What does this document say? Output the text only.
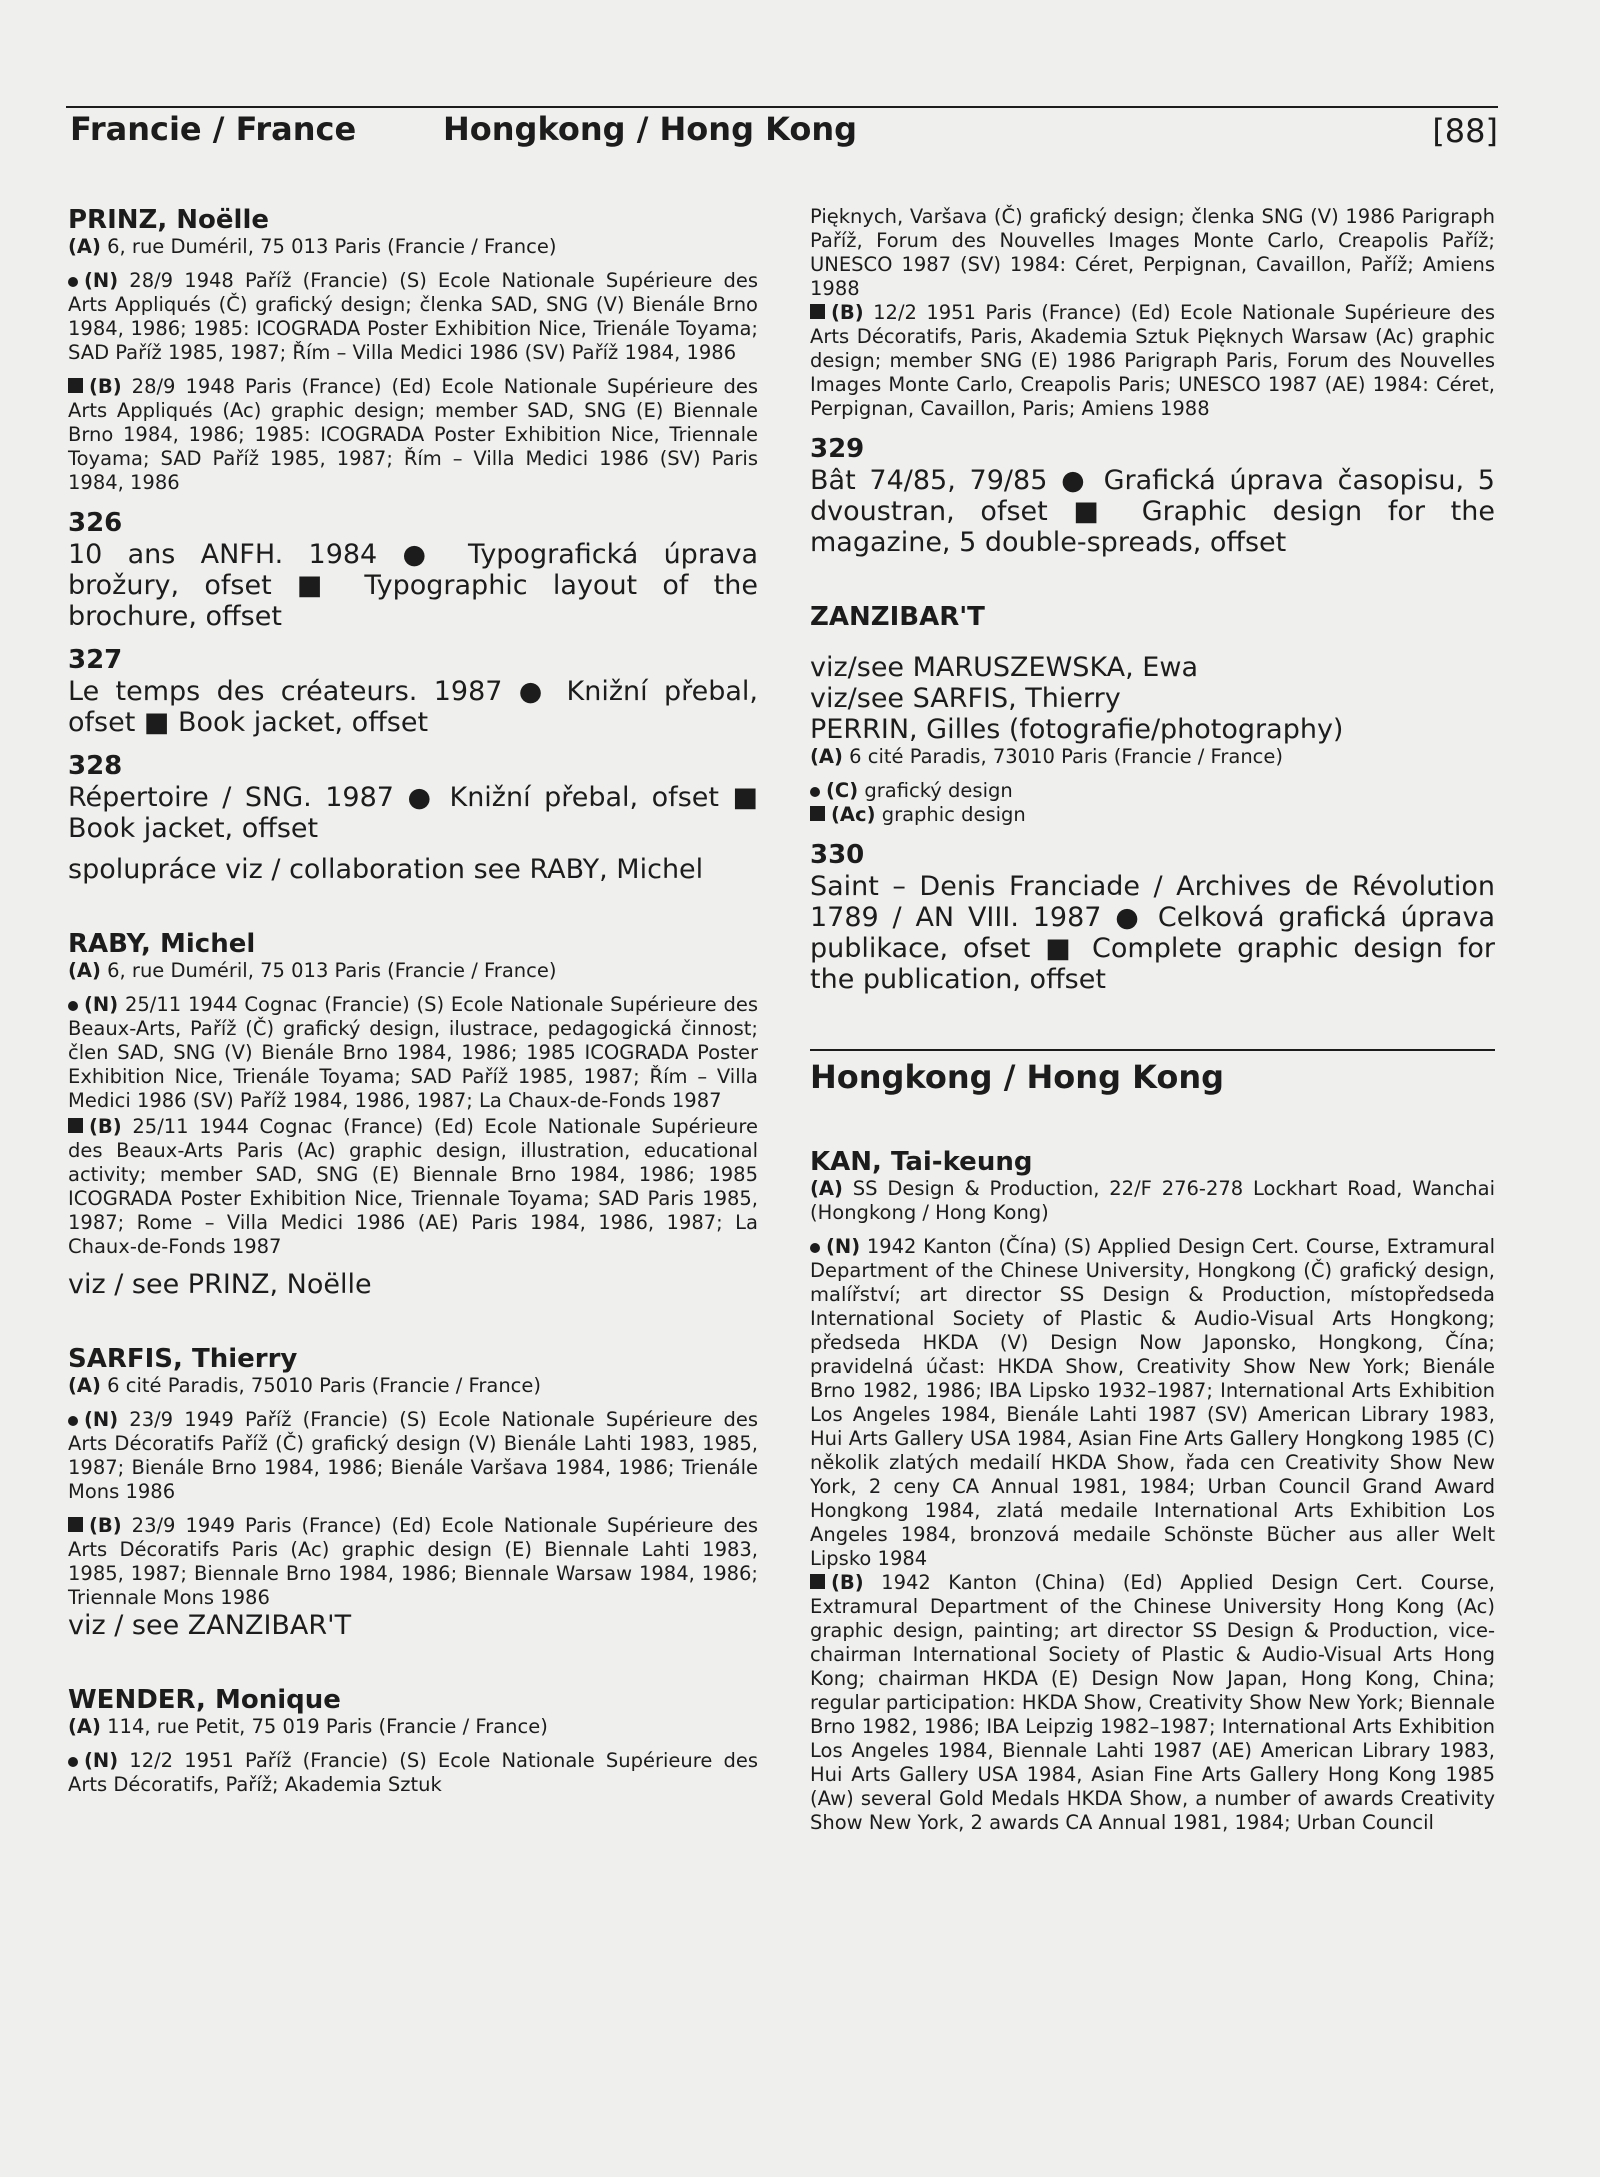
Francie / France	Hongkong / Hong Kong	[88]

PRINZ, Noëlle

(A) 6, rue Duméril, 75 013 Paris (Francie / France)

(N) 28/9 1948 Paříž (Francie) (S) Ecole Nationale Supérieure des Arts Appliqués (Č) grafický design; členka SAD, SNG (V) Bienále Brno 1984, 1986; 1985: ICOGRADA Poster Exhibition Nice, Trienále Toyama; SAD Paříž 1985, 1987; Řím – Villa Medici 1986 (SV) Paříž 1984, 1986

(B) 28/9 1948 Paris (France) (Ed) Ecole Nationale Supérieure des Arts Appliqués (Ac) graphic design; member SAD, SNG (E) Biennale Brno 1984, 1986; 1985: ICOGRADA Poster Exhibition Nice, Triennale Toyama; SAD Paříž 1985, 1987; Řím – Villa Medici 1986 (SV) Paris 1984, 1986

326
10 ans ANFH. 1984 ● Typografická úprava brožury, ofset ■ Typographic layout of the brochure, offset
327
Le temps des créateurs. 1987 ● Knižní přebal, ofset ■ Book jacket, offset
328
Répertoire / SNG. 1987 ● Knižní přebal, ofset ■ Book jacket, offset
spolupráce viz / collaboration see RABY, Michel

RABY, Michel

(A) 6, rue Duméril, 75 013 Paris (Francie / France)

(N) 25/11 1944 Cognac (Francie) (S) Ecole Nationale Supérieure des Beaux-Arts, Paříž (Č) grafický design, ilustrace, pedagogická činnost; člen SAD, SNG (V) Bienále Brno 1984, 1986; 1985 ICOGRADA Poster Exhibition Nice, Trienále Toyama; SAD Paříž 1985, 1987; Řím – Villa Medici 1986 (SV) Paříž 1984, 1986, 1987; La Chaux-de-Fonds 1987

(B) 25/11 1944 Cognac (France) (Ed) Ecole Nationale Supérieure des Beaux-Arts Paris (Ac) graphic design, illustration, educational activity; member SAD, SNG (E) Biennale Brno 1984, 1986; 1985 ICOGRADA Poster Exhibition Nice, Triennale Toyama; SAD Paris 1985, 1987; Rome – Villa Medici 1986 (AE) Paris 1984, 1986, 1987; La Chaux-de-Fonds 1987

viz / see PRINZ, Noëlle

SARFIS, Thierry

(A) 6 cité Paradis, 75010 Paris (Francie / France)

(N) 23/9 1949 Paříž (Francie) (S) Ecole Nationale Supérieure des Arts Décoratifs Paříž (Č) grafický design (V) Bienále Lahti 1983, 1985, 1987; Bienále Brno 1984, 1986; Bienále Varšava 1984, 1986; Trienále Mons 1986

(B) 23/9 1949 Paris (France) (Ed) Ecole Nationale Supérieure des Arts Décoratifs Paris (Ac) graphic design (E) Biennale Lahti 1983, 1985, 1987; Biennale Brno 1984, 1986; Biennale Warsaw 1984, 1986; Triennale Mons 1986

viz / see ZANZIBAR'T

WENDER, Monique

(A) 114, rue Petit, 75 019 Paris (Francie / France)

(N) 12/2 1951 Paříž (Francie) (S) Ecole Nationale Supérieure des Arts Décoratifs, Paříž; Akademia Sztuk

Pięknych, Varšava (Č) grafický design; členka SNG (V) 1986 Parigraph Paříž, Forum des Nouvelles Images Monte Carlo, Creapolis Paříž; UNESCO 1987 (SV) 1984: Céret, Perpignan, Cavaillon, Paříž; Amiens 1988

(B) 12/2 1951 Paris (France) (Ed) Ecole Nationale Supérieure des Arts Décoratifs, Paris, Akademia Sztuk Pięknych Warsaw (Ac) graphic design; member SNG (E) 1986 Parigraph Paris, Forum des Nouvelles Images Monte Carlo, Creapolis Paris; UNESCO 1987 (AE) 1984: Céret, Perpignan, Cavaillon, Paris; Amiens 1988

329
Bât 74/85, 79/85 ● Grafická úprava časopisu, 5 dvoustran, ofset ■ Graphic design for the magazine, 5 double-spreads, offset

ZANZIBAR'T

viz/see MARUSZEWSKA, Ewa
viz/see SARFIS, Thierry
PERRIN, Gilles (fotografie/photography)
(A) 6 cité Paradis, 73010 Paris (Francie / France)

(C) grafický design

(Ac) graphic design

330
Saint – Denis Franciade / Archives de Révolution 1789 / AN VIII. 1987 ● Celková grafická úprava publikace, ofset ■ Complete graphic design for the publication, offset
Hongkong / Hong Kong

KAN, Tai-keung

(A) SS Design & Production, 22/F 276-278 Lockhart Road, Wanchai (Hongkong / Hong Kong)

(N) 1942 Kanton (Čína) (S) Applied Design Cert. Course, Extramural Department of the Chinese University, Hongkong (Č) grafický design, malířství; art director SS Design & Production, místopředseda International Society of Plastic & Audio-Visual Arts Hongkong; předseda HKDA (V) Design Now Japonsko, Hongkong, Čína; pravidelná účast: HKDA Show, Creativity Show New York; Bienále Brno 1982, 1986; IBA Lipsko 1932–1987; International Arts Exhibition Los Angeles 1984, Bienále Lahti 1987 (SV) American Library 1983, Hui Arts Gallery USA 1984, Asian Fine Arts Gallery Hongkong 1985 (C) několik zlatých medailí HKDA Show, řada cen Creativity Show New York, 2 ceny CA Annual 1981, 1984; Urban Council Grand Award Hongkong 1984, zlatá medaile International Arts Exhibition Los Angeles 1984, bronzová medaile Schönste Bücher aus aller Welt Lipsko 1984

(B) 1942 Kanton (China) (Ed) Applied Design Cert. Course, Extramural Department of the Chinese University Hong Kong (Ac) graphic design, painting; art director SS Design & Production, vice-chairman International Society of Plastic & Audio-Visual Arts Hong Kong; chairman HKDA (E) Design Now Japan, Hong Kong, China; regular participation: HKDA Show, Creativity Show New York; Biennale Brno 1982, 1986; IBA Leipzig 1982–1987; International Arts Exhibition Los Angeles 1984, Biennale Lahti 1987 (AE) American Library 1983, Hui Arts Gallery USA 1984, Asian Fine Arts Gallery Hong Kong 1985 (Aw) several Gold Medals HKDA Show, a number of awards Creativity Show New York, 2 awards CA Annual 1981, 1984; Urban Council
